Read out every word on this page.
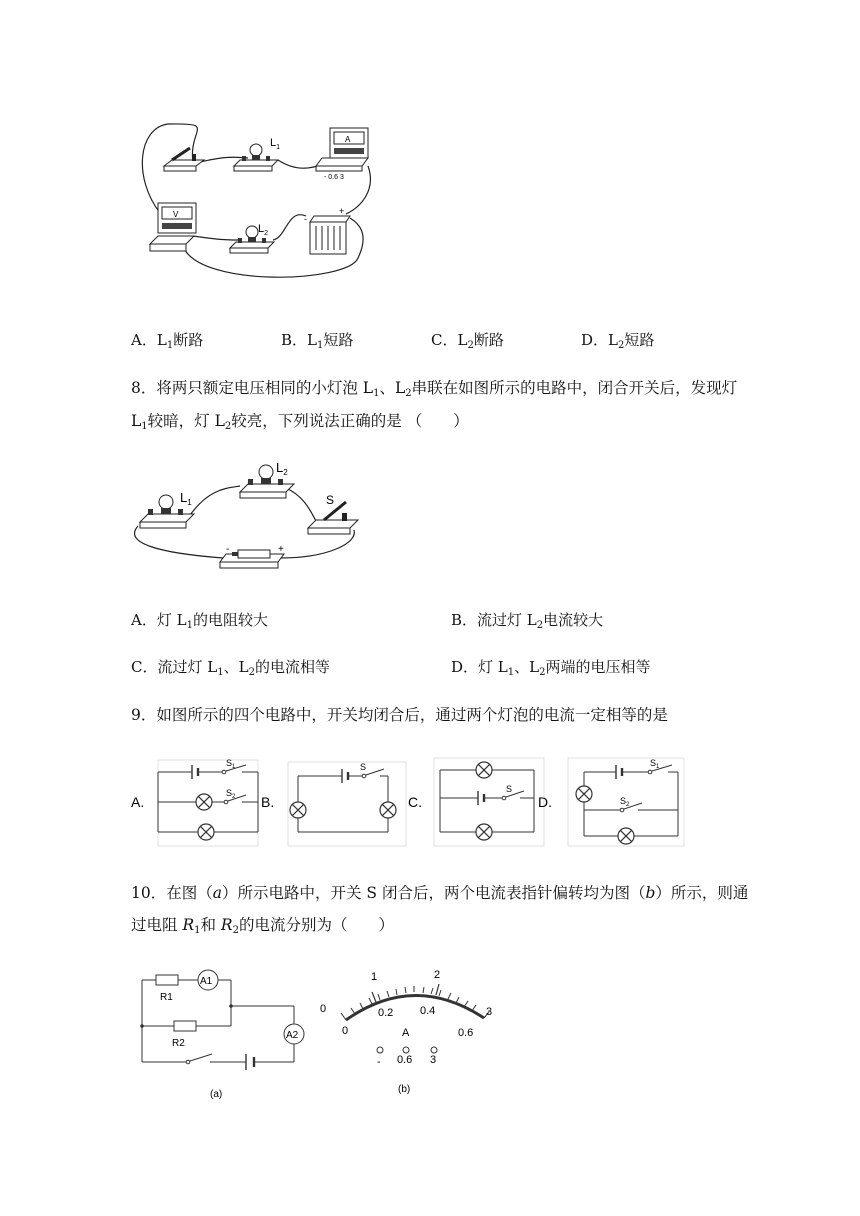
$L_1$
A
- 0.6 3
V
$L_2$
-
+
A．$L_1$断路	B．$L_1$短路	C．$L_2$断路	D．$L_2$短路
8．将两只额定电压相同的小灯泡 $L_1$、$L_2$串联在如图所示的电路中，闭合开关后，发现灯
$L_1$较暗，灯 $L_2$较亮，下列说法正确的是 （　　）
$L_1$
$L_2$
S
-	+
A．灯 $L_1$的电阻较大	B．流过灯 $L_2$电流较大
C．流过灯 $L_1$、$L_2$的电流相等	D．灯 $L_1$、$L_2$两端的电压相等
9．如图所示的四个电路中，开关均闭合后，通过两个灯泡的电流一定相等的是
A.
$S_1$
$S_2$ B.
S
C.
S
D.
$S_1$
$S_2$
10．在图（a）所示电路中，开关 S 闭合后，两个电流表指针偏转均为图（b）所示，则通
过电阻 $R_1$和 $R_2$的电流分别为（　　）
R1
A1
A2
R2
(a)
0
1	2
3
0
0.2 0.4
0.6
A
- 0.6 3
(b)
